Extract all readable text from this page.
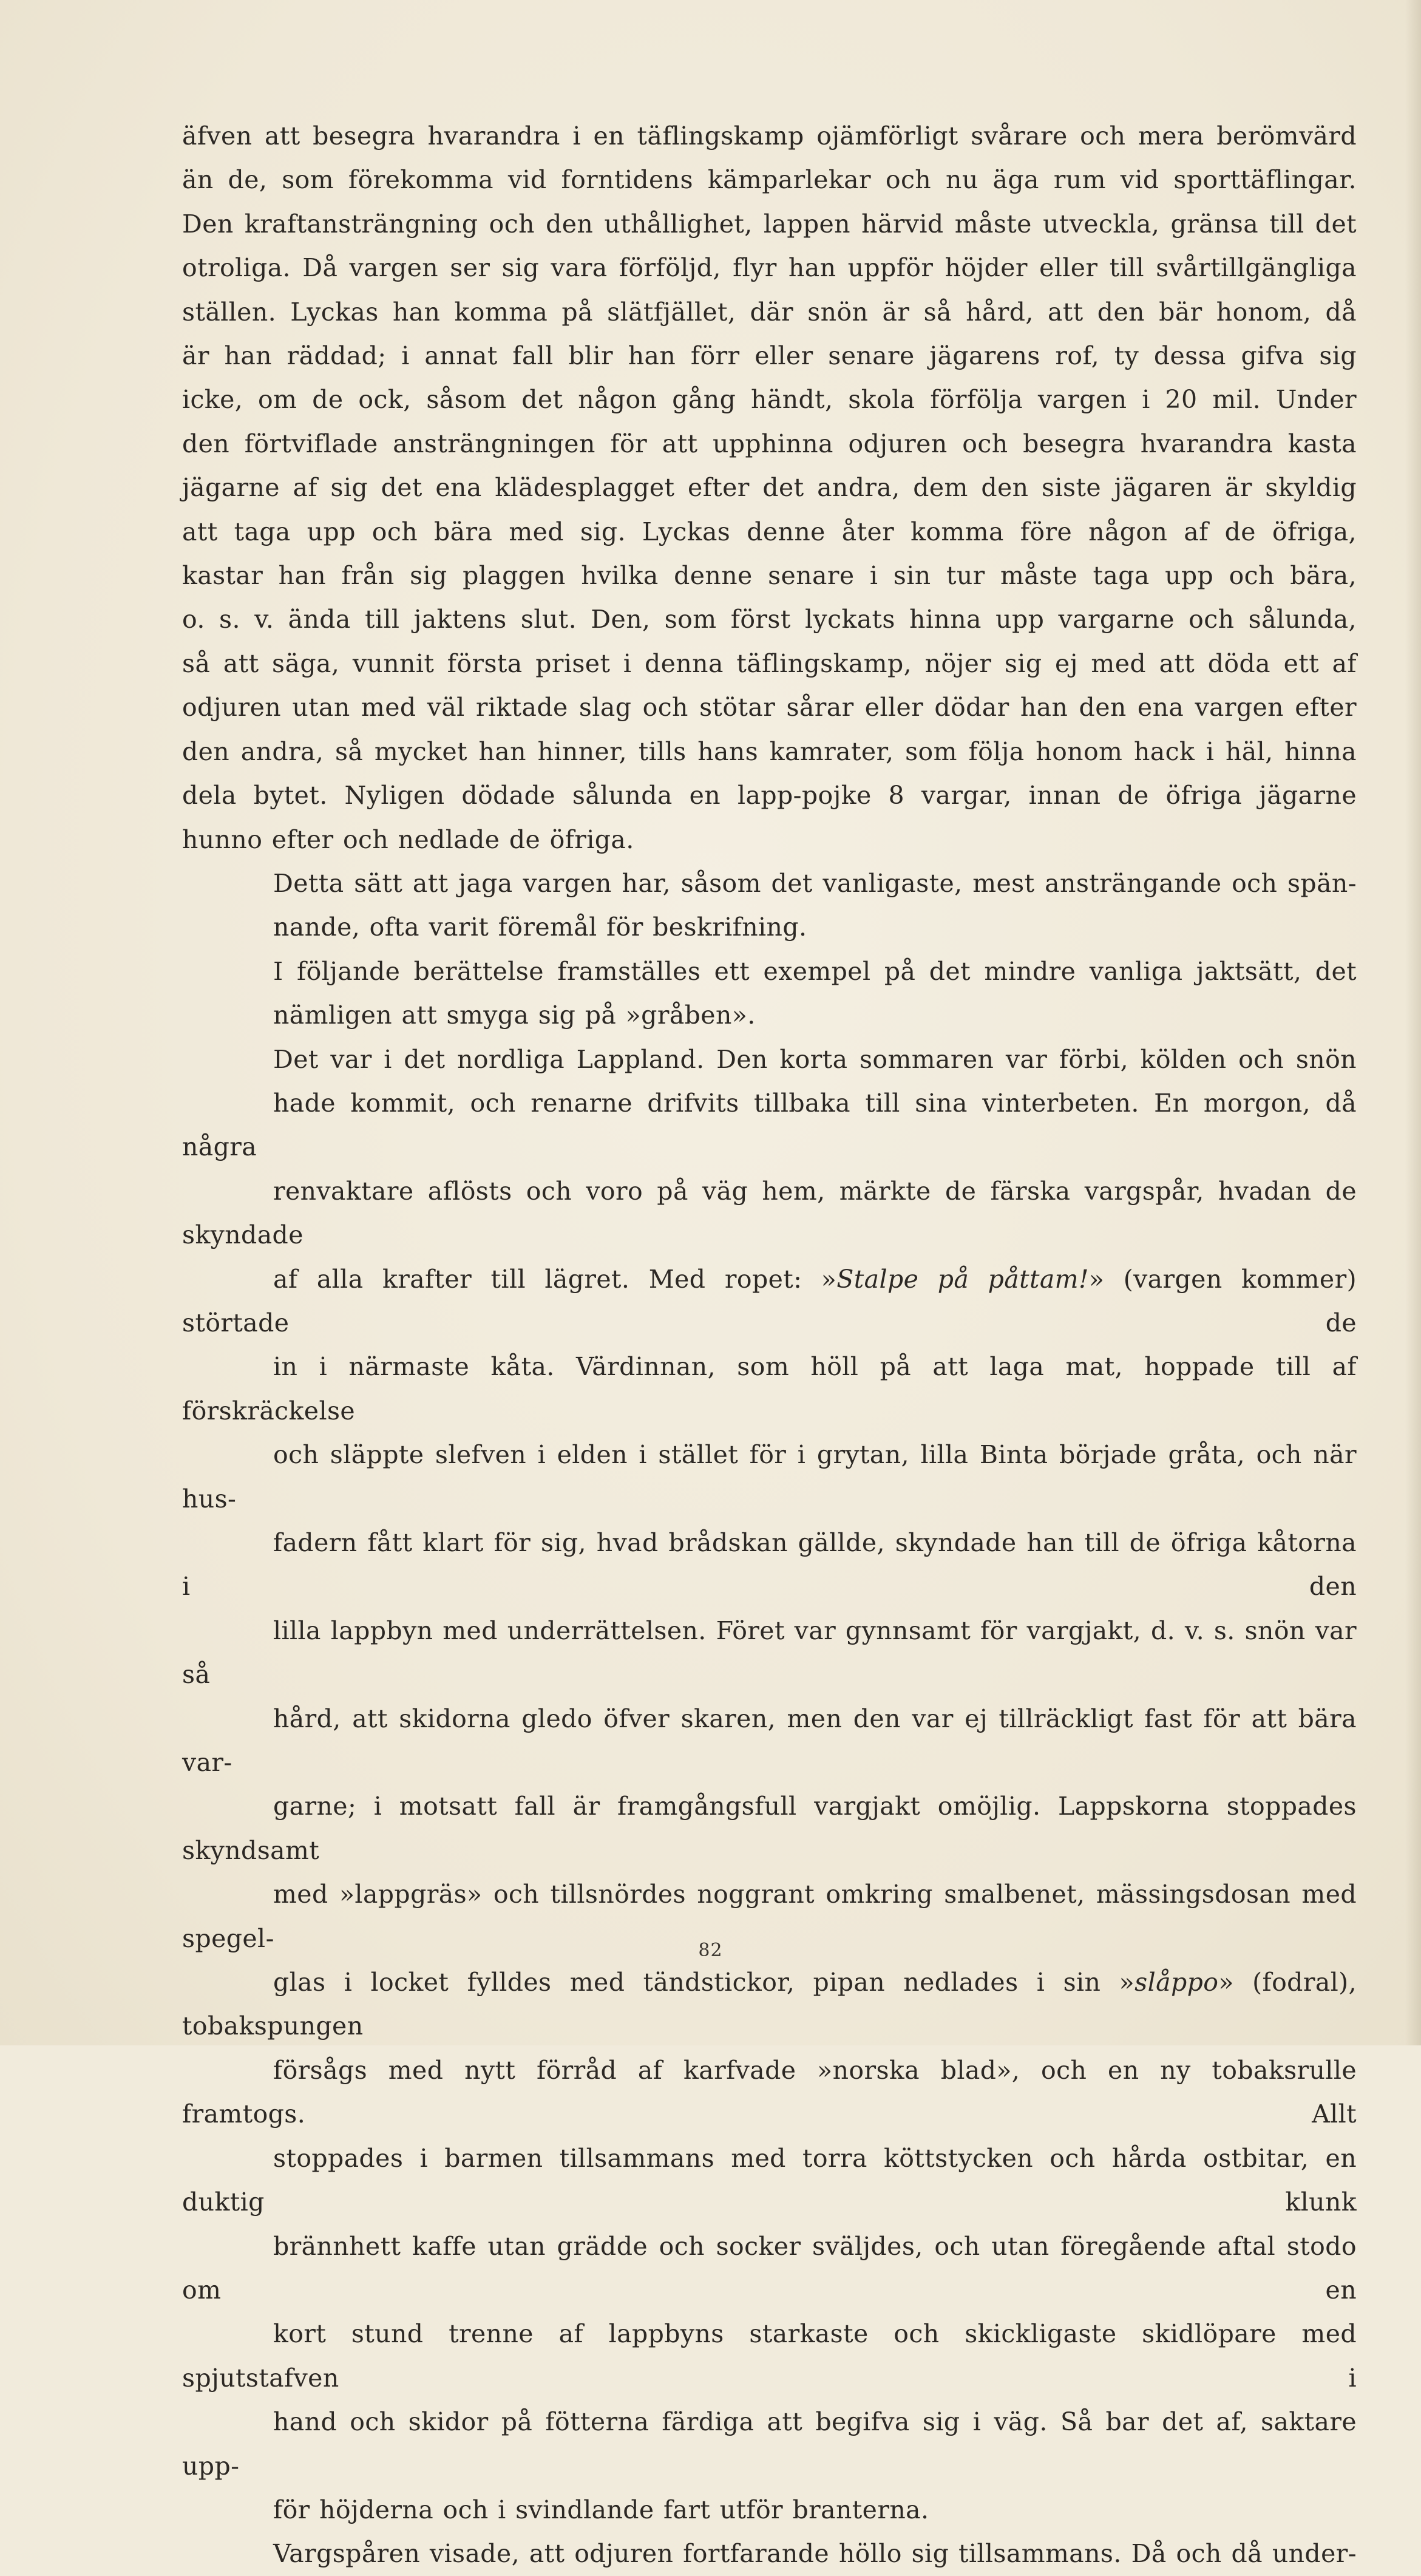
äfven att besegra hvarandra i en täflingskamp ojämförligt svårare och mera berömvärd
än de, som förekomma vid forntidens kämparlekar och nu äga rum vid sporttäflingar.
Den kraftansträngning och den uthållighet, lappen härvid måste utveckla, gränsa till det
otroliga. Då vargen ser sig vara förföljd, flyr han uppför höjder eller till svårtillgängliga
ställen. Lyckas han komma på slätfjället, där snön är så hård, att den bär honom, då
är han räddad; i annat fall blir han förr eller senare jägarens rof, ty dessa gifva sig
icke, om de ock, såsom det någon gång händt, skola förfölja vargen i 20 mil. Under
den förtviflade ansträngningen för att upphinna odjuren och besegra hvarandra kasta
jägarne af sig det ena klädesplagget efter det andra, dem den siste jägaren är skyldig
att taga upp och bära med sig. Lyckas denne åter komma före någon af de öfriga,
kastar han från sig plaggen hvilka denne senare i sin tur måste taga upp och bära,
o. s. v. ända till jaktens slut. Den, som först lyckats hinna upp vargarne och sålunda,
så att säga, vunnit första priset i denna täflingskamp, nöjer sig ej med att döda ett af
odjuren utan med väl riktade slag och stötar sårar eller dödar han den ena vargen efter
den andra, så mycket han hinner, tills hans kamrater, som följa honom hack i häl, hinna
dela bytet. Nyligen dödade sålunda en lapp-pojke 8 vargar, innan de öfriga jägarne
hunno efter och nedlade de öfriga.

Detta sätt att jaga vargen har, såsom det vanligaste, mest ansträngande och spän-
nande, ofta varit föremål för beskrifning.

I följande berättelse framställes ett exempel på det mindre vanliga jaktsätt, det
nämligen att smyga sig på »gråben».

Det var i det nordliga Lappland. Den korta sommaren var förbi, kölden och snön
hade kommit, och renarne drifvits tillbaka till sina vinterbeten. En morgon, då några
renvaktare aflösts och voro på väg hem, märkte de färska vargspår, hvadan de skyndade
af alla krafter till lägret. Med ropet: »Stalpe på påttam!» (vargen kommer) störtade de
in i närmaste kåta. Värdinnan, som höll på att laga mat, hoppade till af förskräckelse
och släppte slefven i elden i stället för i grytan, lilla Binta började gråta, och när hus-
fadern fått klart för sig, hvad brådskan gällde, skyndade han till de öfriga kåtorna i den
lilla lappbyn med underrättelsen. Föret var gynnsamt för vargjakt, d. v. s. snön var så
hård, att skidorna gledo öfver skaren, men den var ej tillräckligt fast för att bära var-
garne; i motsatt fall är framgångsfull vargjakt omöjlig. Lappskorna stoppades skyndsamt
med »lappgräs» och tillsnördes noggrant omkring smalbenet, mässingsdosan med spegel-
glas i locket fylldes med tändstickor, pipan nedlades i sin »slåppo» (fodral), tobakspungen
försågs med nytt förråd af karfvade »norska blad», och en ny tobaksrulle framtogs. Allt
stoppades i barmen tillsammans med torra köttstycken och hårda ostbitar, en duktig klunk
brännhett kaffe utan grädde och socker sväljdes, och utan föregående aftal stodo om en
kort stund trenne af lappbyns starkaste och skickligaste skidlöpare med spjutstafven i
hand och skidor på fötterna färdiga att begifva sig i väg. Så bar det af, saktare upp-
för höjderna och i svindlande fart utför branterna.

Vargspåren visade, att odjuren fortfarande höllo sig tillsammans. Då och då under-

82
